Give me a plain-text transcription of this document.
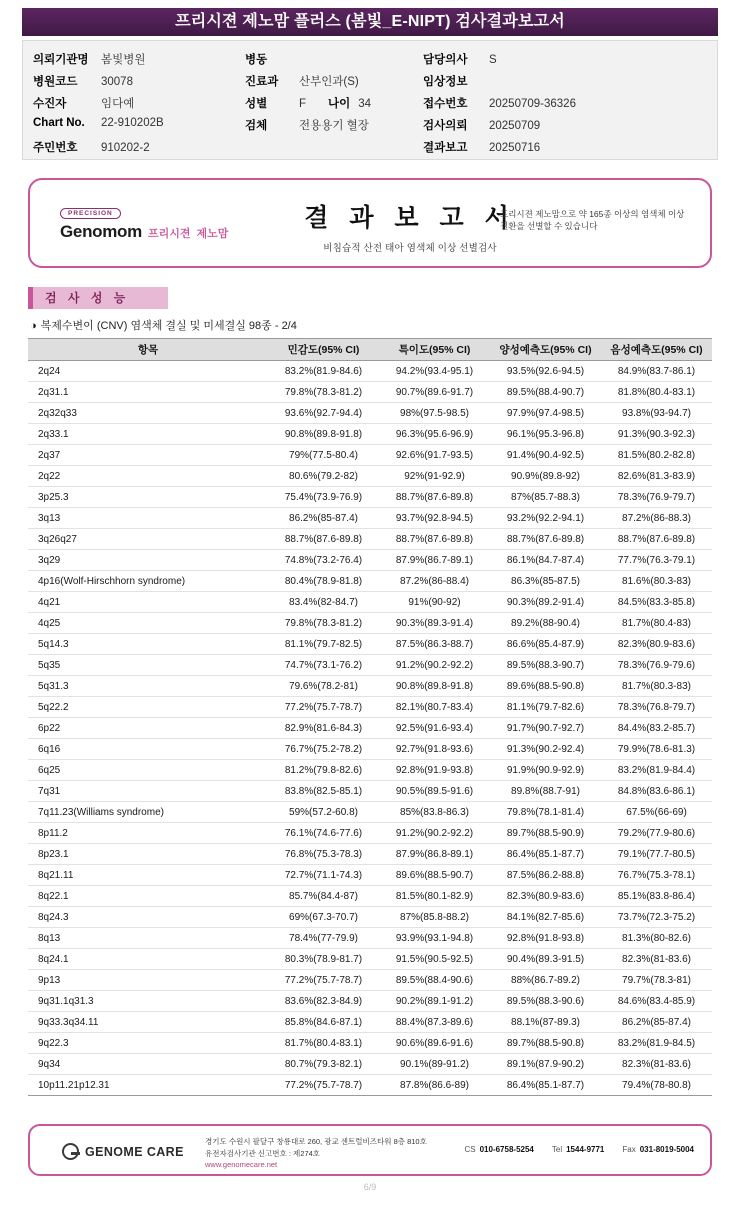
프리시젼 제노맘 플러스 (봄빛_E-NIPT) 검사결과보고서
의뢰기관명	봄빛병원
병원코드	30078
수진자	임다예
Chart No.	22-910202B
주민번호	910202-2
병동
진료과	산부인과(S)
성별	F 나이 34
검체	전용용기 혈장
담당의사	S
임상정보
접수번호	20250709-36326
검사의뢰	20250709
결과보고	20250716
PRECISION
Genomom 프리시젼 제노맘
결 과 보 고 서
비침습적 산전 태아 염색체 이상 선별검사
프리시젼 제노맘으로 약 165종 이상의 염색체 이상질환을 선별할 수 있습니다
검 사 성 능
◑ 복제수변이 (CNV) 염색체 결실 및 미세결실 98종 - 2/4
항목	민감도(95% CI)	특이도(95% CI)	양성예측도(95% CI)	음성예측도(95% CI)
2q24	83.2%(81.9-84.6)	94.2%(93.4-95.1)	93.5%(92.6-94.5)	84.9%(83.7-86.1)
2q31.1	79.8%(78.3-81.2)	90.7%(89.6-91.7)	89.5%(88.4-90.7)	81.8%(80.4-83.1)
2q32q33	93.6%(92.7-94.4)	98%(97.5-98.5)	97.9%(97.4-98.5)	93.8%(93-94.7)
2q33.1	90.8%(89.8-91.8)	96.3%(95.6-96.9)	96.1%(95.3-96.8)	91.3%(90.3-92.3)
2q37	79%(77.5-80.4)	92.6%(91.7-93.5)	91.4%(90.4-92.5)	81.5%(80.2-82.8)
2q22	80.6%(79.2-82)	92%(91-92.9)	90.9%(89.8-92)	82.6%(81.3-83.9)
3p25.3	75.4%(73.9-76.9)	88.7%(87.6-89.8)	87%(85.7-88.3)	78.3%(76.9-79.7)
3q13	86.2%(85-87.4)	93.7%(92.8-94.5)	93.2%(92.2-94.1)	87.2%(86-88.3)
3q26q27	88.7%(87.6-89.8)	88.7%(87.6-89.8)	88.7%(87.6-89.8)	88.7%(87.6-89.8)
3q29	74.8%(73.2-76.4)	87.9%(86.7-89.1)	86.1%(84.7-87.4)	77.7%(76.3-79.1)
4p16(Wolf-Hirschhorn syndrome)	80.4%(78.9-81.8)	87.2%(86-88.4)	86.3%(85-87.5)	81.6%(80.3-83)
4q21	83.4%(82-84.7)	91%(90-92)	90.3%(89.2-91.4)	84.5%(83.3-85.8)
4q25	79.8%(78.3-81.2)	90.3%(89.3-91.4)	89.2%(88-90.4)	81.7%(80.4-83)
5q14.3	81.1%(79.7-82.5)	87.5%(86.3-88.7)	86.6%(85.4-87.9)	82.3%(80.9-83.6)
5q35	74.7%(73.1-76.2)	91.2%(90.2-92.2)	89.5%(88.3-90.7)	78.3%(76.9-79.6)
5q31.3	79.6%(78.2-81)	90.8%(89.8-91.8)	89.6%(88.5-90.8)	81.7%(80.3-83)
5q22.2	77.2%(75.7-78.7)	82.1%(80.7-83.4)	81.1%(79.7-82.6)	78.3%(76.8-79.7)
6p22	82.9%(81.6-84.3)	92.5%(91.6-93.4)	91.7%(90.7-92.7)	84.4%(83.2-85.7)
6q16	76.7%(75.2-78.2)	92.7%(91.8-93.6)	91.3%(90.2-92.4)	79.9%(78.6-81.3)
6q25	81.2%(79.8-82.6)	92.8%(91.9-93.8)	91.9%(90.9-92.9)	83.2%(81.9-84.4)
7q31	83.8%(82.5-85.1)	90.5%(89.5-91.6)	89.8%(88.7-91)	84.8%(83.6-86.1)
7q11.23(Williams syndrome)	59%(57.2-60.8)	85%(83.8-86.3)	79.8%(78.1-81.4)	67.5%(66-69)
8p11.2	76.1%(74.6-77.6)	91.2%(90.2-92.2)	89.7%(88.5-90.9)	79.2%(77.9-80.6)
8p23.1	76.8%(75.3-78.3)	87.9%(86.8-89.1)	86.4%(85.1-87.7)	79.1%(77.7-80.5)
8q21.11	72.7%(71.1-74.3)	89.6%(88.5-90.7)	87.5%(86.2-88.8)	76.7%(75.3-78.1)
8q22.1	85.7%(84.4-87)	81.5%(80.1-82.9)	82.3%(80.9-83.6)	85.1%(83.8-86.4)
8q24.3	69%(67.3-70.7)	87%(85.8-88.2)	84.1%(82.7-85.6)	73.7%(72.3-75.2)
8q13	78.4%(77-79.9)	93.9%(93.1-94.8)	92.8%(91.8-93.8)	81.3%(80-82.6)
8q24.1	80.3%(78.9-81.7)	91.5%(90.5-92.5)	90.4%(89.3-91.5)	82.3%(81-83.6)
9p13	77.2%(75.7-78.7)	89.5%(88.4-90.6)	88%(86.7-89.2)	79.7%(78.3-81)
9q31.1q31.3	83.6%(82.3-84.9)	90.2%(89.1-91.2)	89.5%(88.3-90.6)	84.6%(83.4-85.9)
9q33.3q34.11	85.8%(84.6-87.1)	88.4%(87.3-89.6)	88.1%(87-89.3)	86.2%(85-87.4)
9q22.3	81.7%(80.4-83.1)	90.6%(89.6-91.6)	89.7%(88.5-90.8)	83.2%(81.9-84.5)
9q34	80.7%(79.3-82.1)	90.1%(89-91.2)	89.1%(87.9-90.2)	82.3%(81-83.6)
10p11.21p12.31	77.2%(75.7-78.7)	87.8%(86.6-89)	86.4%(85.1-87.7)	79.4%(78-80.8)
GENOME CARE
경기도 수원시 팔달구 창룡대로 260, 광교 센트럴비즈타워 8층 810호
유전자검사기관 신고번호 : 제274호
www.genomecare.net
CS 010-6758-5254 Tel 1544-9771 Fax 031-8019-5004
6/9
